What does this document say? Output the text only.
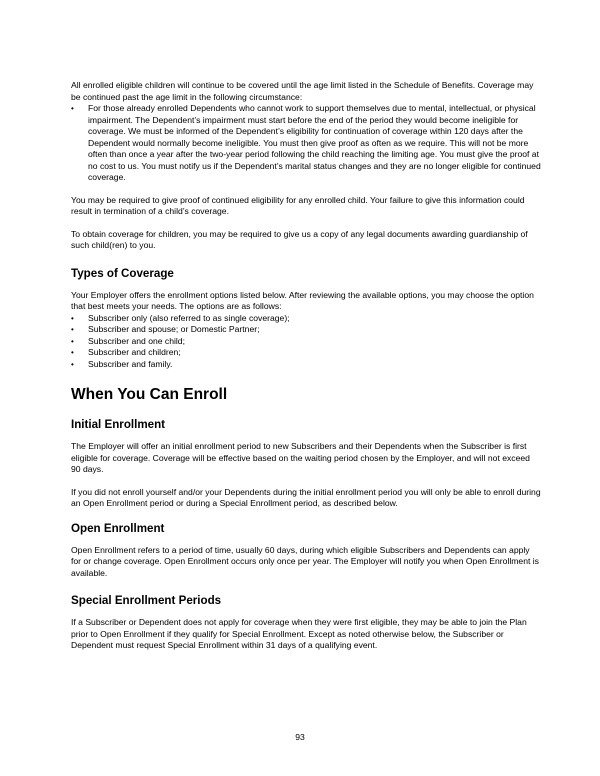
All enrolled eligible children will continue to be covered until the age limit listed in the Schedule of Benefits. Coverage may be continued past the age limit in the following circumstance:

• For those already enrolled Dependents who cannot work to support themselves due to mental, intellectual, or physical impairment. The Dependent’s impairment must start before the end of the period they would become ineligible for coverage. We must be informed of the Dependent’s eligibility for continuation of coverage within 120 days after the Dependent would normally become ineligible. You must then give proof as often as we require. This will not be more often than once a year after the two-year period following the child reaching the limiting age. You must give the proof at no cost to us. You must notify us if the Dependent’s marital status changes and they are no longer eligible for continued coverage.

You may be required to give proof of continued eligibility for any enrolled child. Your failure to give this information could result in termination of a child’s coverage.

To obtain coverage for children, you may be required to give us a copy of any legal documents awarding guardianship of such child(ren) to you.

Types of Coverage

Your Employer offers the enrollment options listed below. After reviewing the available options, you may choose the option that best meets your needs. The options are as follows:

• Subscriber only (also referred to as single coverage);
• Subscriber and spouse; or Domestic Partner;
• Subscriber and one child;
• Subscriber and children;
• Subscriber and family.
When You Can Enroll
Initial Enrollment

The Employer will offer an initial enrollment period to new Subscribers and their Dependents when the Subscriber is first eligible for coverage. Coverage will be effective based on the waiting period chosen by the Employer, and will not exceed 90 days.

If you did not enroll yourself and/or your Dependents during the initial enrollment period you will only be able to enroll during an Open Enrollment period or during a Special Enrollment period, as described below.

Open Enrollment

Open Enrollment refers to a period of time, usually 60 days, during which eligible Subscribers and Dependents can apply for or change coverage. Open Enrollment occurs only once per year. The Employer will notify you when Open Enrollment is available.

Special Enrollment Periods

If a Subscriber or Dependent does not apply for coverage when they were first eligible, they may be able to join the Plan prior to Open Enrollment if they qualify for Special Enrollment. Except as noted otherwise below, the Subscriber or Dependent must request Special Enrollment within 31 days of a qualifying event.

93
